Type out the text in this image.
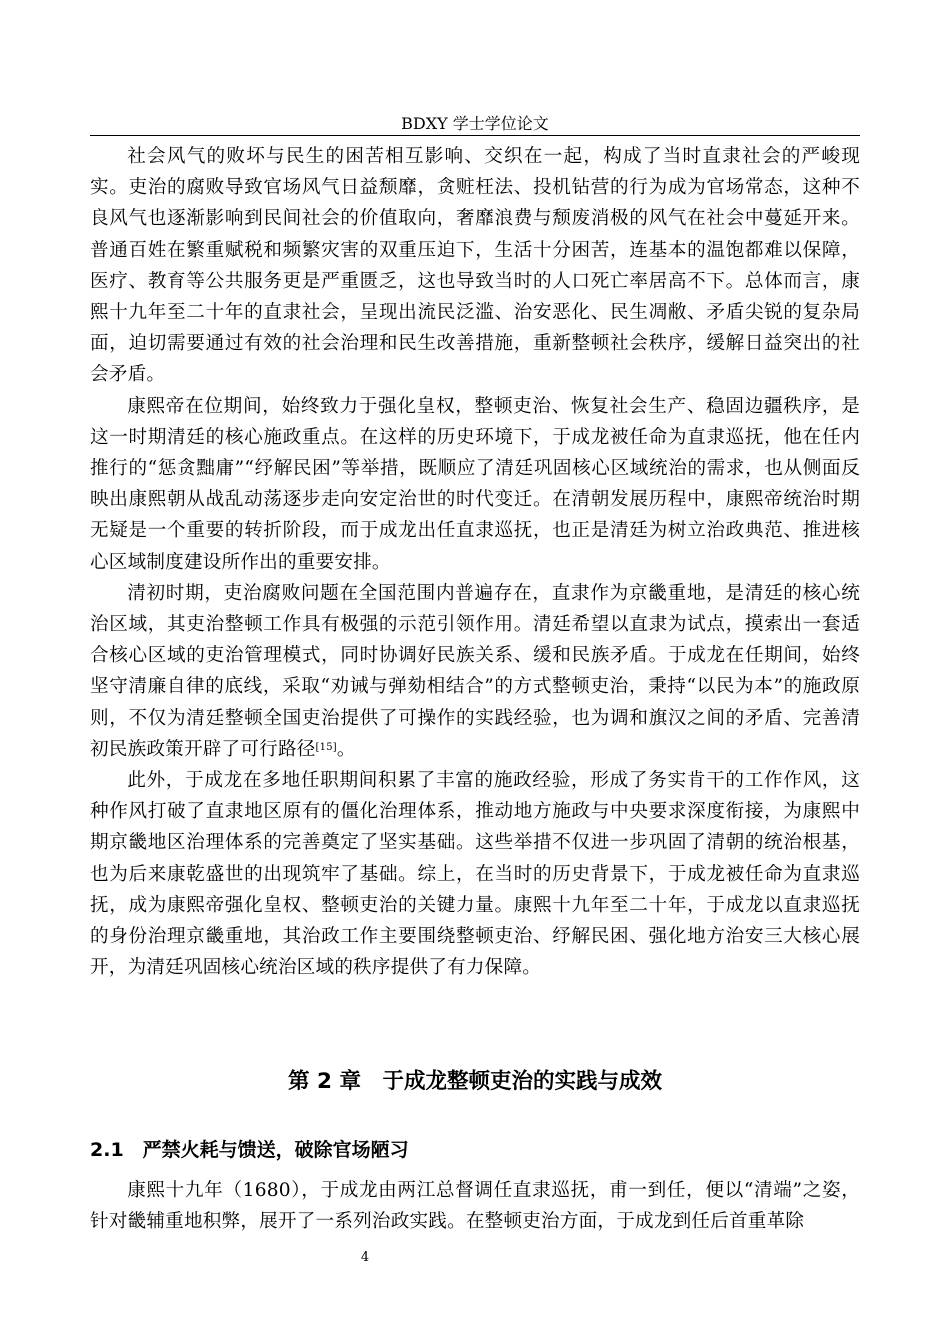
BDXY 学士学位论文

社会风气的败坏与民生的困苦相互影响、交织在一起，构成了当时直隶社会的严峻现实。吏治的腐败导致官场风气日益颓靡，贪赃枉法、投机钻营的行为成为官场常态，这种不良风气也逐渐影响到民间社会的价值取向，奢靡浪费与颓废消极的风气在社会中蔓延开来。普通百姓在繁重赋税和频繁灾害的双重压迫下，生活十分困苦，连基本的温饱都难以保障，医疗、教育等公共服务更是严重匮乏，这也导致当时的人口死亡率居高不下。总体而言，康熙十九年至二十年的直隶社会，呈现出流民泛滥、治安恶化、民生凋敝、矛盾尖锐的复杂局面，迫切需要通过有效的社会治理和民生改善措施，重新整顿社会秩序，缓解日益突出的社会矛盾。

康熙帝在位期间，始终致力于强化皇权，整顿吏治、恢复社会生产、稳固边疆秩序，是这一时期清廷的核心施政重点。在这样的历史环境下，于成龙被任命为直隶巡抚，他在任内推行的“惩贪黜庸”“纾解民困”等举措，既顺应了清廷巩固核心区域统治的需求，也从侧面反映出康熙朝从战乱动荡逐步走向安定治世的时代变迁。在清朝发展历程中，康熙帝统治时期无疑是一个重要的转折阶段，而于成龙出任直隶巡抚，也正是清廷为树立治政典范、推进核心区域制度建设所作出的重要安排。

清初时期，吏治腐败问题在全国范围内普遍存在，直隶作为京畿重地，是清廷的核心统治区域，其吏治整顿工作具有极强的示范引领作用。清廷希望以直隶为试点，摸索出一套适合核心区域的吏治管理模式，同时协调好民族关系、缓和民族矛盾。于成龙在任期间，始终坚守清廉自律的底线，采取“劝诫与弹劾相结合”的方式整顿吏治，秉持“以民为本”的施政原则，不仅为清廷整顿全国吏治提供了可操作的实践经验，也为调和旗汉之间的矛盾、完善清初民族政策开辟了可行路径[15]。

此外，于成龙在多地任职期间积累了丰富的施政经验，形成了务实肯干的工作作风，这种作风打破了直隶地区原有的僵化治理体系，推动地方施政与中央要求深度衔接，为康熙中期京畿地区治理体系的完善奠定了坚实基础。这些举措不仅进一步巩固了清朝的统治根基，也为后来康乾盛世的出现筑牢了基础。综上，在当时的历史背景下，于成龙被任命为直隶巡抚，成为康熙帝强化皇权、整顿吏治的关键力量。康熙十九年至二十年，于成龙以直隶巡抚的身份治理京畿重地，其治政工作主要围绕整顿吏治、纾解民困、强化地方治安三大核心展开，为清廷巩固核心统治区域的秩序提供了有力保障。

第 2 章　于成龙整顿吏治的实践与成效
2.1　严禁火耗与馈送，破除官场陋习

康熙十九年（1680），于成龙由两江总督调任直隶巡抚，甫一到任，便以“清端”之姿，针对畿辅重地积弊，展开了一系列治政实践。在整顿吏治方面，于成龙到任后首重革除

4
